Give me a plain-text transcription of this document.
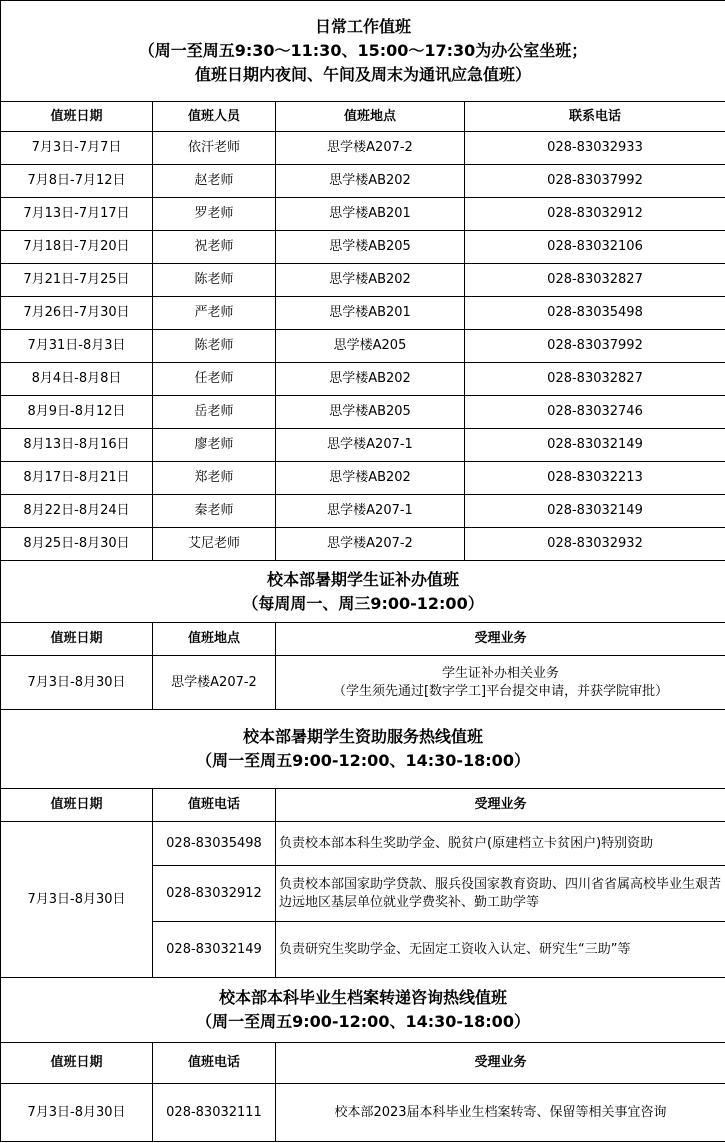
日常工作值班
（周一至周五9:30～11:30、15:00～17:30为办公室坐班；
值班日期内夜间、午间及周末为通讯应急值班）			

值班日期	值班人员	值班地点	联系电话
7月3日-7月7日	依汗老师	思学楼A207-2	028-83032933
7月8日-7月12日	赵老师	思学楼AB202	028-83037992
7月13日-7月17日	罗老师	思学楼AB201	028-83032912
7月18日-7月20日	祝老师	思学楼AB205	028-83032106
7月21日-7月25日	陈老师	思学楼AB202	028-83032827
7月26日-7月30日	严老师	思学楼AB201	028-83035498
7月31日-8月3日	陈老师	思学楼A205	028-83037992
8月4日-8月8日	任老师	思学楼AB202	028-83032827
8月9日-8月12日	岳老师	思学楼AB205	028-83032746
8月13日-8月16日	廖老师	思学楼A207-1	028-83032149
8月17日-8月21日	郑老师	思学楼AB202	028-83032213
8月22日-8月24日	秦老师	思学楼A207-1	028-83032149
8月25日-8月30日	艾尼老师	思学楼A207-2	028-83032932

校本部暑期学生证补办值班
（每周周一、周三9:00-12:00）			

值班日期	值班地点	受理业务	
7月3日-8月30日	思学楼A207-2	学生证补办相关业务
（学生须先通过[数字学工]平台提交申请，并获学院审批）	

校本部暑期学生资助服务热线值班
（周一至周五9:00-12:00、14:30-18:00）			

值班日期	值班电话	受理业务	
7月3日-8月30日	028-83035498	负责校本部本科生奖助学金、脱贫户(原建档立卡贫困户)特别资助	
	028-83032912	负责校本部国家助学贷款、服兵役国家教育资助、四川省省属高校毕业生艰苦边远地区基层单位就业学费奖补、勤工助学等	
	028-83032149	负责研究生奖助学金、无固定工资收入认定、研究生“三助”等	

校本部本科毕业生档案转递咨询热线值班
（周一至周五9:00-12:00、14:30-18:00）			

值班日期	值班电话	受理业务	
7月3日-8月30日	028-83032111	校本部2023届本科毕业生档案转寄、保留等相关事宜咨询	
